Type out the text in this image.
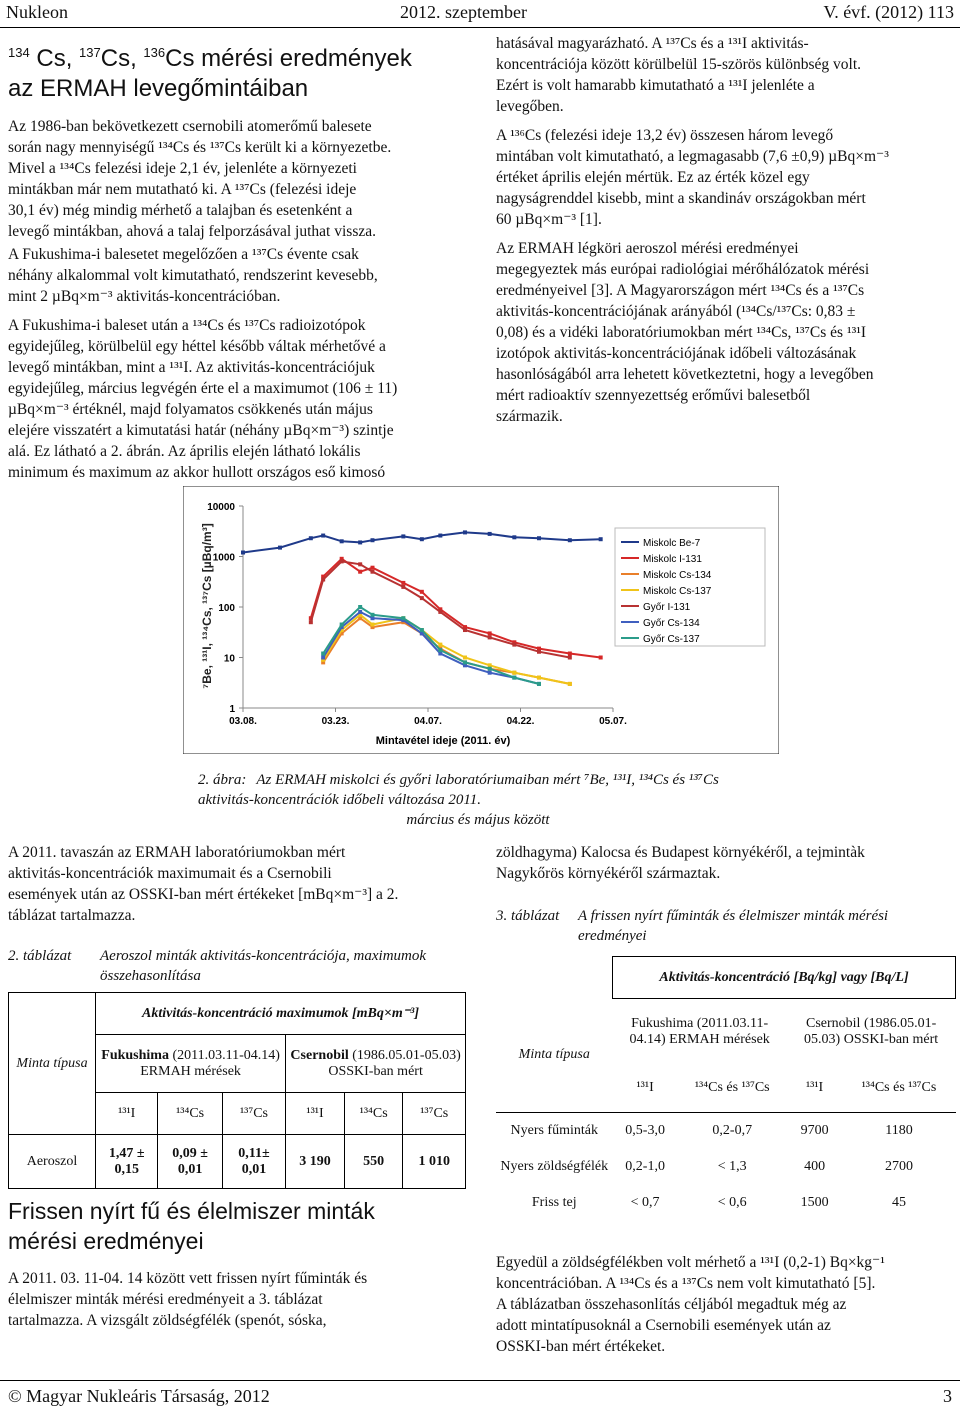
Nukleon	2012. szeptember	V. évf. (2012) 113
$^{134}$ Cs, $^{137}$Cs, $^{136}$Cs mérési eredmények
az ERMAH levegőmintáiban

Az 1986-ban bekövetkezett csernobili atomerőmű balesete
során nagy mennyiségű ¹³⁴Cs és ¹³⁷Cs került ki a környezetbe.
Mivel a ¹³⁴Cs felezési ideje 2,1 év, jelenléte a környezeti
mintákban már nem mutatható ki. A ¹³⁷Cs (felezési ideje
30,1 év) még mindig mérhető a talajban és esetenként a
levegő mintákban, ahová a talaj felporzásával juthat vissza.

A Fukushima-i balesetet megelőzően a ¹³⁷Cs évente csak
néhány alkalommal volt kimutatható, rendszerint kevesebb,
mint 2 µBq×m⁻³ aktivitás-koncentrációban.

A Fukushima-i baleset után a ¹³⁴Cs és ¹³⁷Cs radioizotópok
egyidejűleg, körülbelül egy héttel később váltak mérhetővé a
levegő mintákban, mint a ¹³¹I. Az aktivitás-koncentrációjuk
egyidejűleg, március legvégén érte el a maximumot (106 ± 11)
µBq×m⁻³ értéknél, majd folyamatos csökkenés után május
elejére visszatért a kimutatási határ (néhány µBq×m⁻³) szintje
alá. Ez látható a 2. ábrán. Az április elején látható lokális
minimum és maximum az akkor hullott országos eső kimosó

hatásával magyarázható. A ¹³⁷Cs és a ¹³¹I aktivitás-
koncentrációja között körülbelül 15-szörös különbség volt.
Ezért is volt hamarabb kimutatható a ¹³¹I jelenléte a
levegőben.

A ¹³⁶Cs (felezési ideje 13,2 év) összesen három levegő
mintában volt kimutatható, a legmagasabb (7,6 ±0,9) µBq×m⁻³
értéket április elején mértük. Ez az érték közel egy
nagyságrenddel kisebb, mint a skandináv országokban mért
60 µBq×m⁻³ [1].

Az ERMAH légköri aeroszol mérési eredményei
megegyeztek más európai radiológiai mérőhálózatok mérési
eredményeivel [3]. A Magyarországon mért ¹³⁴Cs és a ¹³⁷Cs
aktivitás-koncentrációjának arányából (¹³⁴Cs/¹³⁷Cs: 0,83 ±
0,08) és a vidéki laboratóriumokban mért ¹³⁴Cs, ¹³⁷Cs és ¹³¹I
izotópok aktivitás-koncentrációjának időbeli változásának
hasonlóságából arra lehetett következtetni, hogy a levegőben
mért radioaktív szennyezettség erőművi balesetből
származik.

1
10
100
1000
10000
03.08.	03.23.	04.07.	04.22.	05.07.
Miskolc Be-7
Miskolc I-131
Miskolc Cs-134
Miskolc Cs-137
Győr I-131
Győr Cs-134
Győr Cs-137
Mintavétel ideje (2011. év)
⁷Be, ¹³¹I, ¹³⁴Cs, ¹³⁷Cs [µBq/m³]
2. ábra: Az ERMAH miskolci és győri laboratóriumaiban mért ⁷Be, ¹³¹I, ¹³⁴Cs és ¹³⁷Cs aktivitás-koncentrációk időbeli változása 2011.
március és május között

A 2011. tavaszán az ERMAH laboratóriumokban mért
aktivitás-koncentrációk maximumait és a Csernobili
események után az OSSKI-ban mért értékeket [mBq×m⁻³] a 2.
táblázat tartalmazza.

2. táblázat Aeroszol minták aktivitás-koncentrációja, maximumok
összehasonlítása
Minta típusa	Aktivitás-koncentráció maximumok [mBq×m⁻³]					
	Fukushima (2011.03.11-04.14) ERMAH mérések			Csernobil (1986.05.01-05.03) OSSKI-ban mért		
	¹³¹I	¹³⁴Cs	¹³⁷Cs	¹³¹I	¹³⁴Cs	¹³⁷Cs
Aeroszol	1,47 ± 0,15	0,09 ± 0,01	0,11± 0,01	3 190	550	1 010
Frissen nyírt fű és élelmiszer minták
mérési eredményei

A 2011. 03. 11-04. 14 között vett frissen nyírt fűminták és
élelmiszer minták mérési eredményeit a 3. táblázat
tartalmazza. A vizsgált zöldségfélék (spenót, sóska,

zöldhagyma) Kalocsa és Budapest környékéről, a tejmintàk
Nagykőrös környékéről származtak.

3. táblázat A frissen nyírt fűminták és élelmiszer minták mérési
eredményei
	Aktivitás-koncentráció [Bq/kg] vagy [Bq/L]			
Minta típusa	Fukushima (2011.03.11-04.14) ERMAH mérések		Csernobil (1986.05.01-05.03) OSSKI-ban mért	
	¹³¹I	¹³⁴Cs és ¹³⁷Cs	¹³¹I	¹³⁴Cs és ¹³⁷Cs
Nyers fűminták	0,5-3,0	0,2-0,7	9700	1180
Nyers zöldségfélék	0,2-1,0	< 1,3	400	2700
Friss tej	< 0,7	< 0,6	1500	45

Egyedül a zöldségfélékben volt mérhető a ¹³¹I (0,2-1) Bq×kg⁻¹
koncentrációban. A ¹³⁴Cs és a ¹³⁷Cs nem volt kimutatható [5].
A táblázatban összehasonlítás céljából megadtuk még az
adott mintatípusoknál a Csernobili események után az
OSSKI-ban mért értékeket.

© Magyar Nukleáris Társaság, 2012	3
